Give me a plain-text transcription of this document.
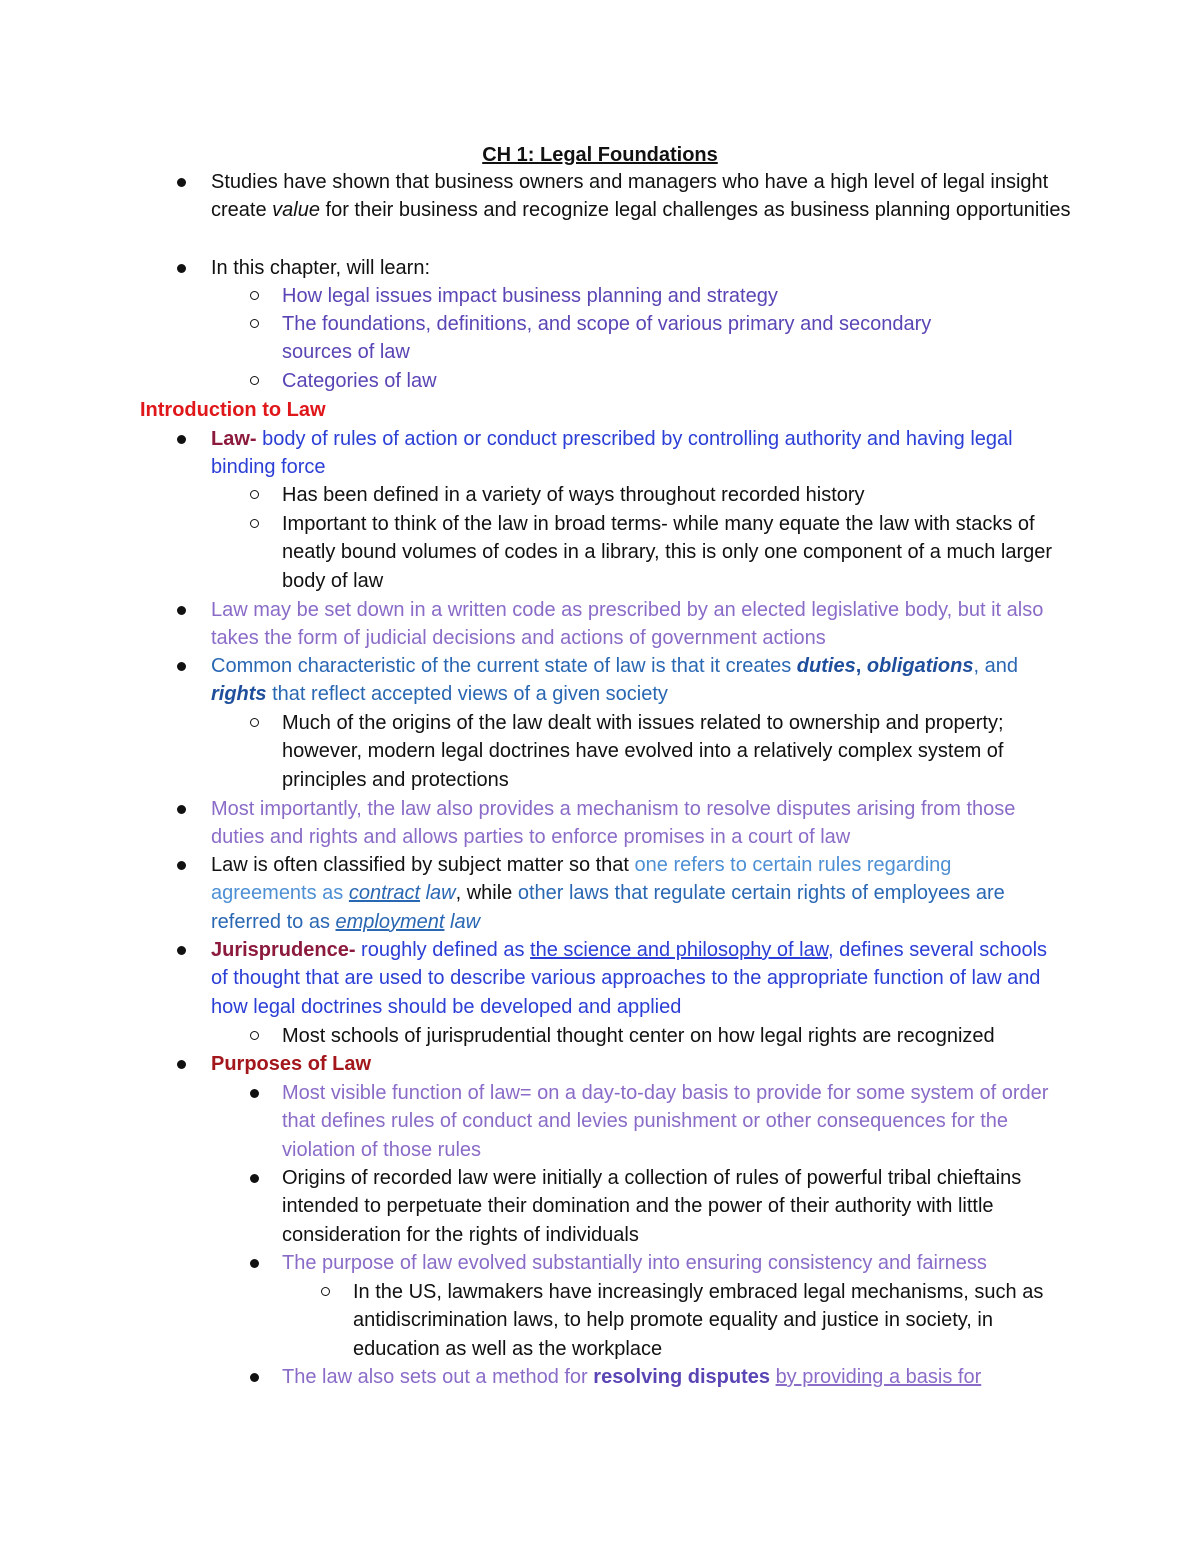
CH 1: Legal Foundations
Studies have shown that business owners and managers who have a high level of legal insight create value for their business and recognize legal challenges as business planning opportunities
In this chapter, will learn:
How legal issues impact business planning and strategy
The foundations, definitions, and scope of various primary and secondary sources of law
Categories of law
Introduction to Law
Law- body of rules of action or conduct prescribed by controlling authority and having legal binding force
Has been defined in a variety of ways throughout recorded history
Important to think of the law in broad terms- while many equate the law with stacks of neatly bound volumes of codes in a library, this is only one component of a much larger body of law
Law may be set down in a written code as prescribed by an elected legislative body, but it also takes the form of judicial decisions and actions of government actions
Common characteristic of the current state of law is that it creates duties, obligations, and rights that reflect accepted views of a given society
Much of the origins of the law dealt with issues related to ownership and property; however, modern legal doctrines have evolved into a relatively complex system of principles and protections
Most importantly, the law also provides a mechanism to resolve disputes arising from those duties and rights and allows parties to enforce promises in a court of law
Law is often classified by subject matter so that one refers to certain rules regarding agreements as contract law, while other laws that regulate certain rights of employees are referred to as employment law
Jurisprudence- roughly defined as the science and philosophy of law, defines several schools of thought that are used to describe various approaches to the appropriate function of law and how legal doctrines should be developed and applied
Most schools of jurisprudential thought center on how legal rights are recognized
Purposes of Law
Most visible function of law= on a day-to-day basis to provide for some system of order that defines rules of conduct and levies punishment or other consequences for the violation of those rules
Origins of recorded law were initially a collection of rules of powerful tribal chieftains intended to perpetuate their domination and the power of their authority with little consideration for the rights of individuals
The purpose of law evolved substantially into ensuring consistency and fairness
In the US, lawmakers have increasingly embraced legal mechanisms, such as antidiscrimination laws, to help promote equality and justice in society, in education as well as the workplace
The law also sets out a method for resolving disputes by providing a basis for
